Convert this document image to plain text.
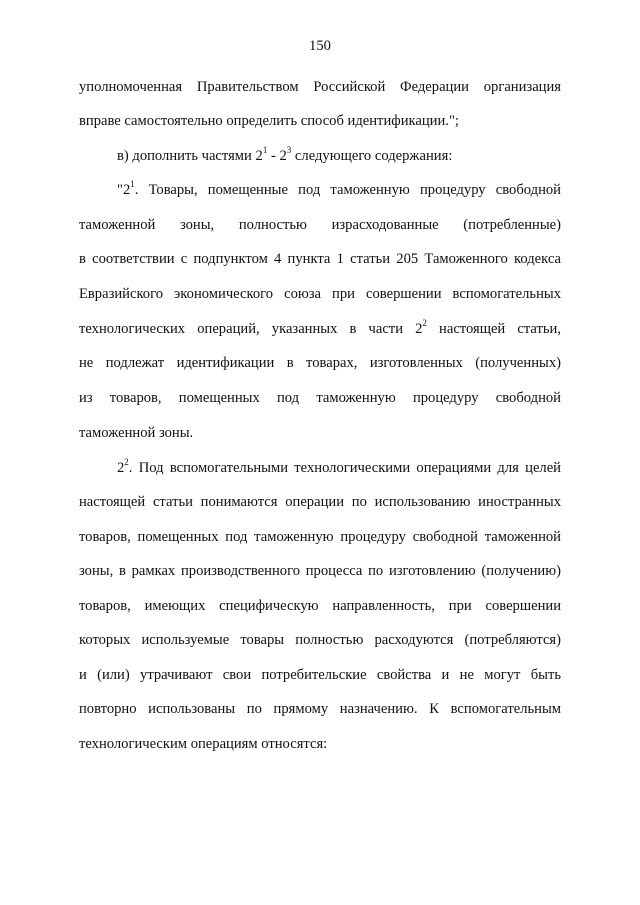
150
уполномоченная Правительством Российской Федерации организация
вправе самостоятельно определить способ идентификации.";
в) дополнить частями $2^1 - 2^3$ следующего содержания:
"$2^1$. Товары, помещенные под таможенную процедуру свободной
таможенной зоны, полностью израсходованные (потребленные)
в соответствии с подпунктом 4 пункта 1 статьи 205 Таможенного кодекса
Евразийского экономического союза при совершении вспомогательных
технологических операций, указанных в части $2^2$ настоящей статьи,
не подлежат идентификации в товарах, изготовленных (полученных)
из товаров, помещенных под таможенную процедуру свободной
таможенной зоны.
$2^2$. Под вспомогательными технологическими операциями для целей
настоящей статьи понимаются операции по использованию иностранных
товаров, помещенных под таможенную процедуру свободной таможенной
зоны, в рамках производственного процесса по изготовлению (получению)
товаров, имеющих специфическую направленность, при совершении
которых используемые товары полностью расходуются (потребляются)
и (или) утрачивают свои потребительские свойства и не могут быть
повторно использованы по прямому назначению. К вспомогательным
технологическим операциям относятся:
